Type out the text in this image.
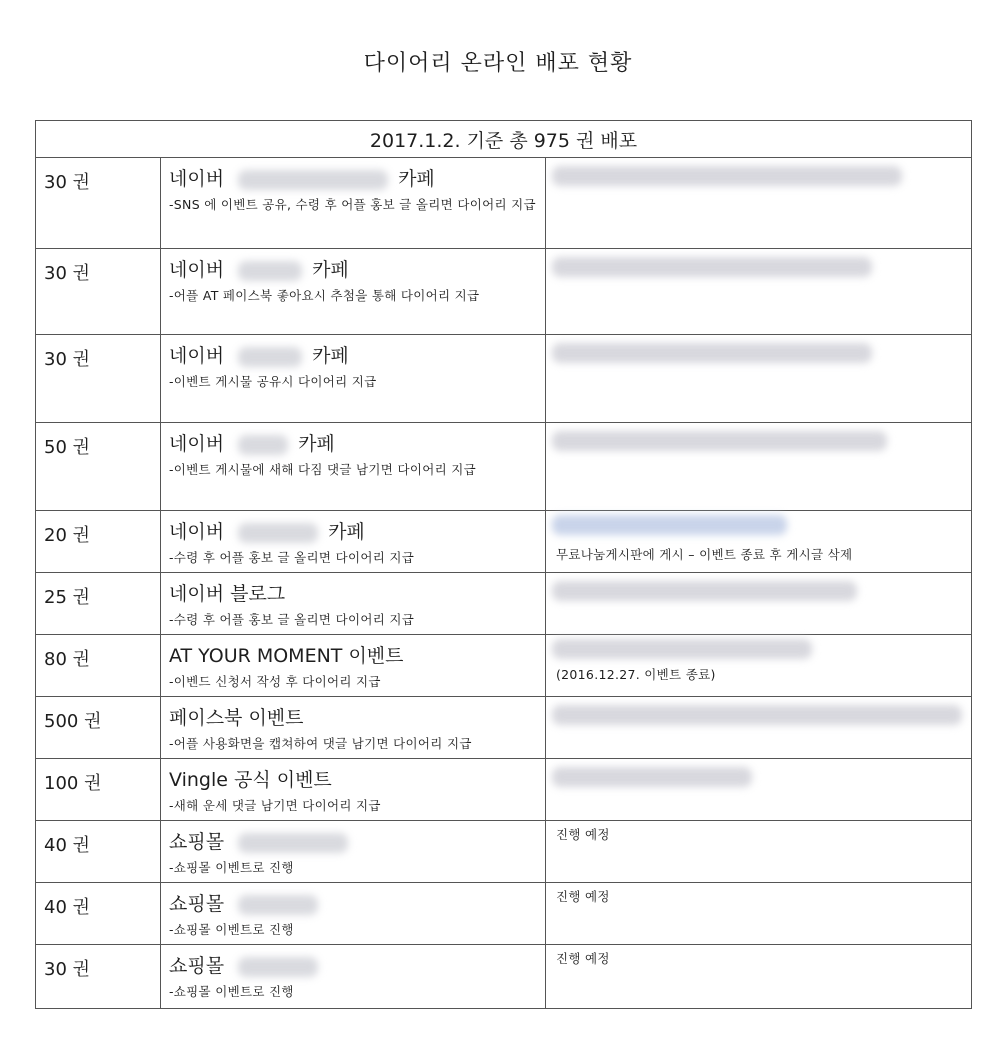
다이어리 온라인 배포 현황
2017.1.2. 기준 총 975 권 배포		
30 권	네이버 카페
-SNS 에 이벤트 공유, 수령 후 어플 홍보 글 올리면 다이어리 지급	

30 권	네이버 카페
-어플 AT 페이스북 좋아요시 추첨을 통해 다이어리 지급	

30 권	네이버 카페
-이벤트 게시물 공유시 다이어리 지급	

50 권	네이버 카페
-이벤트 게시물에 새해 다짐 댓글 남기면 다이어리 지급	

20 권	네이버 카페
-수령 후 어플 홍보 글 올리면 다이어리 지급	무료나눔게시판에 게시 – 이벤트 종료 후 게시글 삭제

25 권	네이버 블로그
-수령 후 어플 홍보 글 올리면 다이어리 지급	

80 권	AT YOUR MOMENT 이벤트
-이벤드 신청서 작성 후 다이어리 지급	(2016.12.27. 이벤트 종료)

500 권	페이스북 이벤트
-어플 사용화면을 캡쳐하여 댓글 남기면 다이어리 지급	

100 권	Vingle 공식 이벤트
-새해 운세 댓글 남기면 다이어리 지급	

40 권	쇼핑몰
-쇼핑몰 이벤트로 진행	진행 예정

40 권	쇼핑몰
-쇼핑몰 이벤트로 진행	진행 예정

30 권	쇼핑몰
-쇼핑몰 이벤트로 진행	진행 예정
